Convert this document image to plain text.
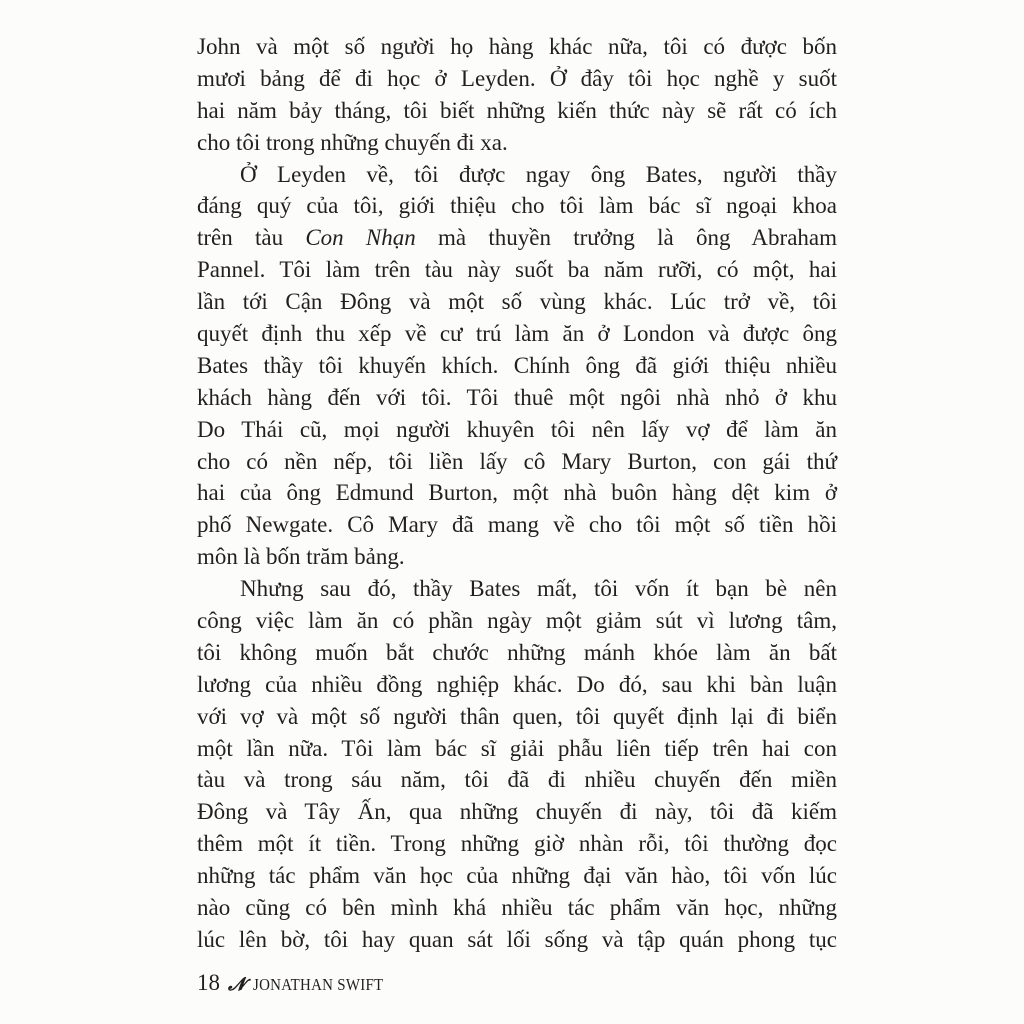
John và một số người họ hàng khác nữa, tôi có được bốn
mươi bảng để đi học ở Leyden. Ở đây tôi học nghề y suốt
hai năm bảy tháng, tôi biết những kiến thức này sẽ rất có ích
cho tôi trong những chuyến đi xa.
Ở Leyden về, tôi được ngay ông Bates, người thầy
đáng quý của tôi, giới thiệu cho tôi làm bác sĩ ngoại khoa
trên tàu Con Nhạn mà thuyền trưởng là ông Abraham
Pannel. Tôi làm trên tàu này suốt ba năm rưỡi, có một, hai
lần tới Cận Đông và một số vùng khác. Lúc trở về, tôi
quyết định thu xếp về cư trú làm ăn ở London và được ông
Bates thầy tôi khuyến khích. Chính ông đã giới thiệu nhiều
khách hàng đến với tôi. Tôi thuê một ngôi nhà nhỏ ở khu
Do Thái cũ, mọi người khuyên tôi nên lấy vợ để làm ăn
cho có nền nếp, tôi liền lấy cô Mary Burton, con gái thứ
hai của ông Edmund Burton, một nhà buôn hàng dệt kim ở
phố Newgate. Cô Mary đã mang về cho tôi một số tiền hồi
môn là bốn trăm bảng.
Nhưng sau đó, thầy Bates mất, tôi vốn ít bạn bè nên
công việc làm ăn có phần ngày một giảm sút vì lương tâm,
tôi không muốn bắt chước những mánh khóe làm ăn bất
lương của nhiều đồng nghiệp khác. Do đó, sau khi bàn luận
với vợ và một số người thân quen, tôi quyết định lại đi biển
một lần nữa. Tôi làm bác sĩ giải phẫu liên tiếp trên hai con
tàu và trong sáu năm, tôi đã đi nhiều chuyến đến miền
Đông và Tây Ấn, qua những chuyến đi này, tôi đã kiếm
thêm một ít tiền. Trong những giờ nhàn rỗi, tôi thường đọc
những tác phẩm văn học của những đại văn hào, tôi vốn lúc
nào cũng có bên mình khá nhiều tác phẩm văn học, những
lúc lên bờ, tôi hay quan sát lối sống và tập quán phong tục
18 𝓝 JONATHAN SWIFT
